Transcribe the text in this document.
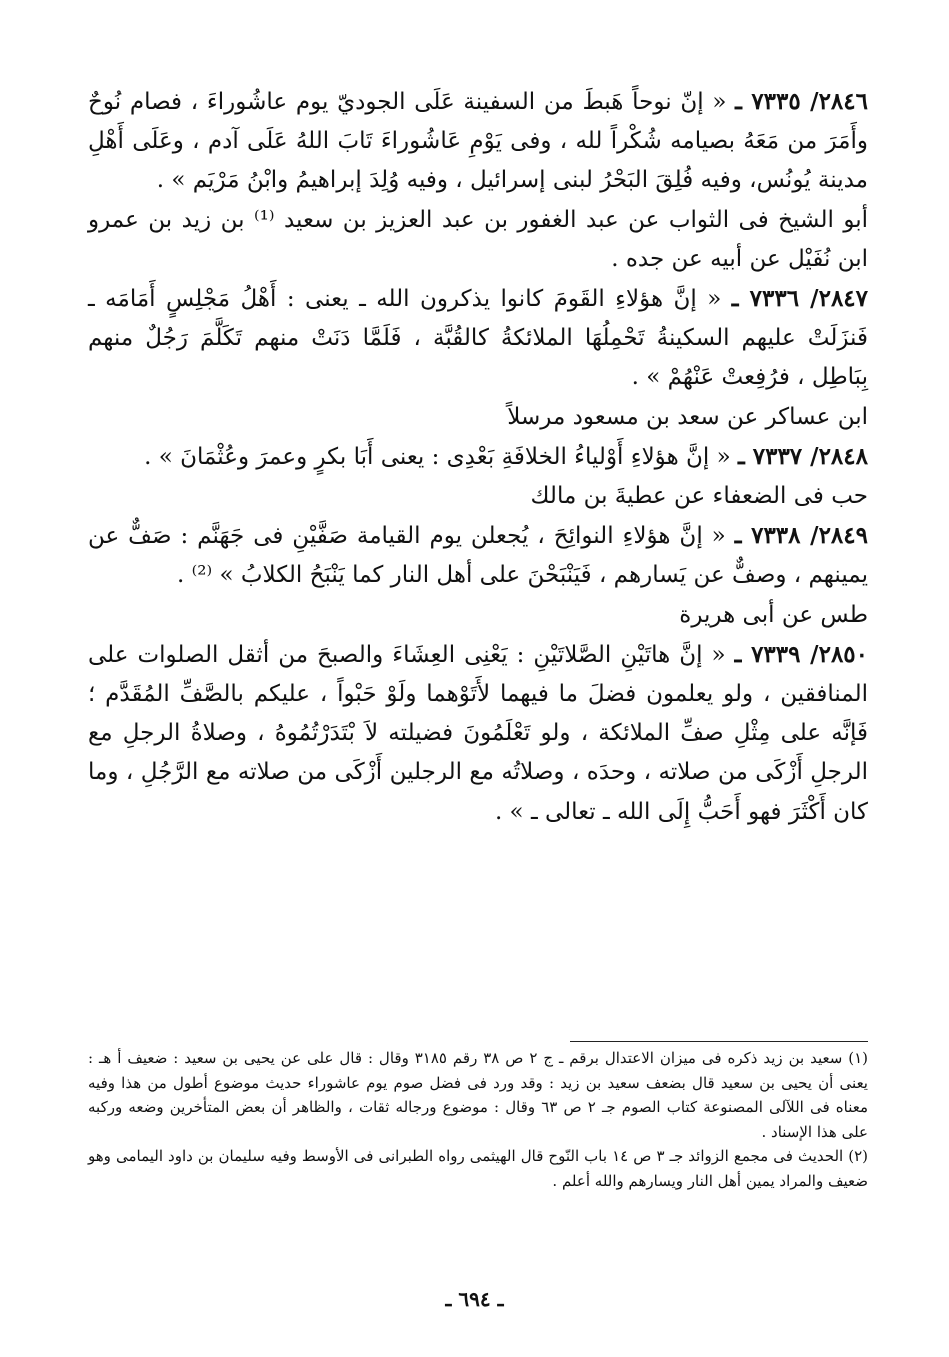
٢٨٤٦/ ٧٣٣٥ ـ « إنّ نوحاً هَبطَ من السفينة عَلَى الجوديّ يوم عاشُوراءَ ، فصام نُوحٌ وأَمَرَ من مَعَهُ بصيامه شُكْراً لله ، وفى يَوْمِ عَاشُوراءَ تَابَ اللهُ عَلَى آدم ، وعَلَى أَهْلِ مدينة يُونُس، وفيه فُلِقَ البَحْرُ لبنى إسرائيل ، وفيه وُلِدَ إبراهيمُ وابْنُ مَرْيَم » .

أبو الشيخ فى الثواب عن عبد الغفور بن عبد العزيز بن سعيد ⁽¹⁾ بن زيد بن عمرو ابن نُفَيْل عن أبيه عن جده .

٢٨٤٧/ ٧٣٣٦ ـ « إنَّ هؤلاءِ القَومَ كانوا يذكرون الله ـ يعنى : أَهْلُ مَجْلِسٍ أَمَامَه ـ فَنزَلَتْ عليهم السكينةُ تَحْمِلُهَا الملائكةُ كالقُبَّة ، فَلَمَّا دَنَتْ منهم تَكَلَّمَ رَجُلٌ منهم بِبَاطِل ، فرُفِعتْ عَنْهُمْ » .

ابن عساكر عن سعد بن مسعود مرسلاً

٢٨٤٨/ ٧٣٣٧ ـ « إنَّ هؤلاءِ أَوْلياءُ الخلافَةِ بَعْدِى : يعنى أَبَا بكرٍ وعمرَ وعُثْمَانَ » .

حب فى الضعفاء عن عطيةَ بن مالك

٢٨٤٩/ ٧٣٣٨ ـ « إنَّ هؤلاءِ النوائِحَ ، يُجعلن يوم القيامة صَفَّيْنِ فى جَهَنَّم : صَفٌّ عن يمينهم ، وصفٌّ عن يَسارهم ، فَيَنْبَحْنَ على أهل النار كما يَنْبَحُ الكلابُ » ⁽²⁾ .

طس عن أبى هريرة

٢٨٥٠/ ٧٣٣٩ ـ « إنَّ هاتَيْنِ الصَّلاتَيْنِ : يَعْنِى العِشَاءَ والصبحَ من أثقل الصلوات على المنافقين ، ولو يعلمون فضلَ ما فيهما لأَتَوْهما ولَوْ حَبْواً ، عليكم بالصَّفِّ المُقَدَّم ؛ فَإنَّه على مِثْلِ صفِّ الملائكة ، ولو تَعْلَمُونَ فضيلته لاَ بْتَدَرْتُمُوهُ ، وصلاةُ الرجلِ مع الرجلِ أَزْكَى من صلاته ، وحدَه ، وصلاتُه مع الرجلين أَزْكَى من صلاته مع الرَّجُلِ ، وما كان أَكْثَرَ فهو أَحَبُّ إِلَى الله ـ تعالى ـ » .

(١) سعيد بن زيد ذكره فى ميزان الاعتدال برقم ـ ج ٢ ص ٣٨ رقم ٣١٨٥ وقال : قال على عن يحيى بن سعيد : ضعيف أ هـ : يعنى أن يحيى بن سعيد قال بضعف سعيد بن زيد : وقد ورد فى فضل صوم يوم عاشوراء حديث موضوع أطول من هذا وفيه معناه فى اللآلى المصنوعة كتاب الصوم جـ ٢ ص ٦٣ وقال : موضوع ورجاله ثقات ، والظاهر أن بعض المتأخرين وضعه وركبه على هذا الإسناد .

(٢) الحديث فى مجمع الزوائد جـ ٣ ص ١٤ باب النّوح قال الهيثمى رواه الطبرانى فى الأوسط وفيه سليمان بن داود اليمامى وهو ضعيف والمراد يمين أهل النار ويسارهم والله أعلم .

ـ ٦٩٤ ـ
